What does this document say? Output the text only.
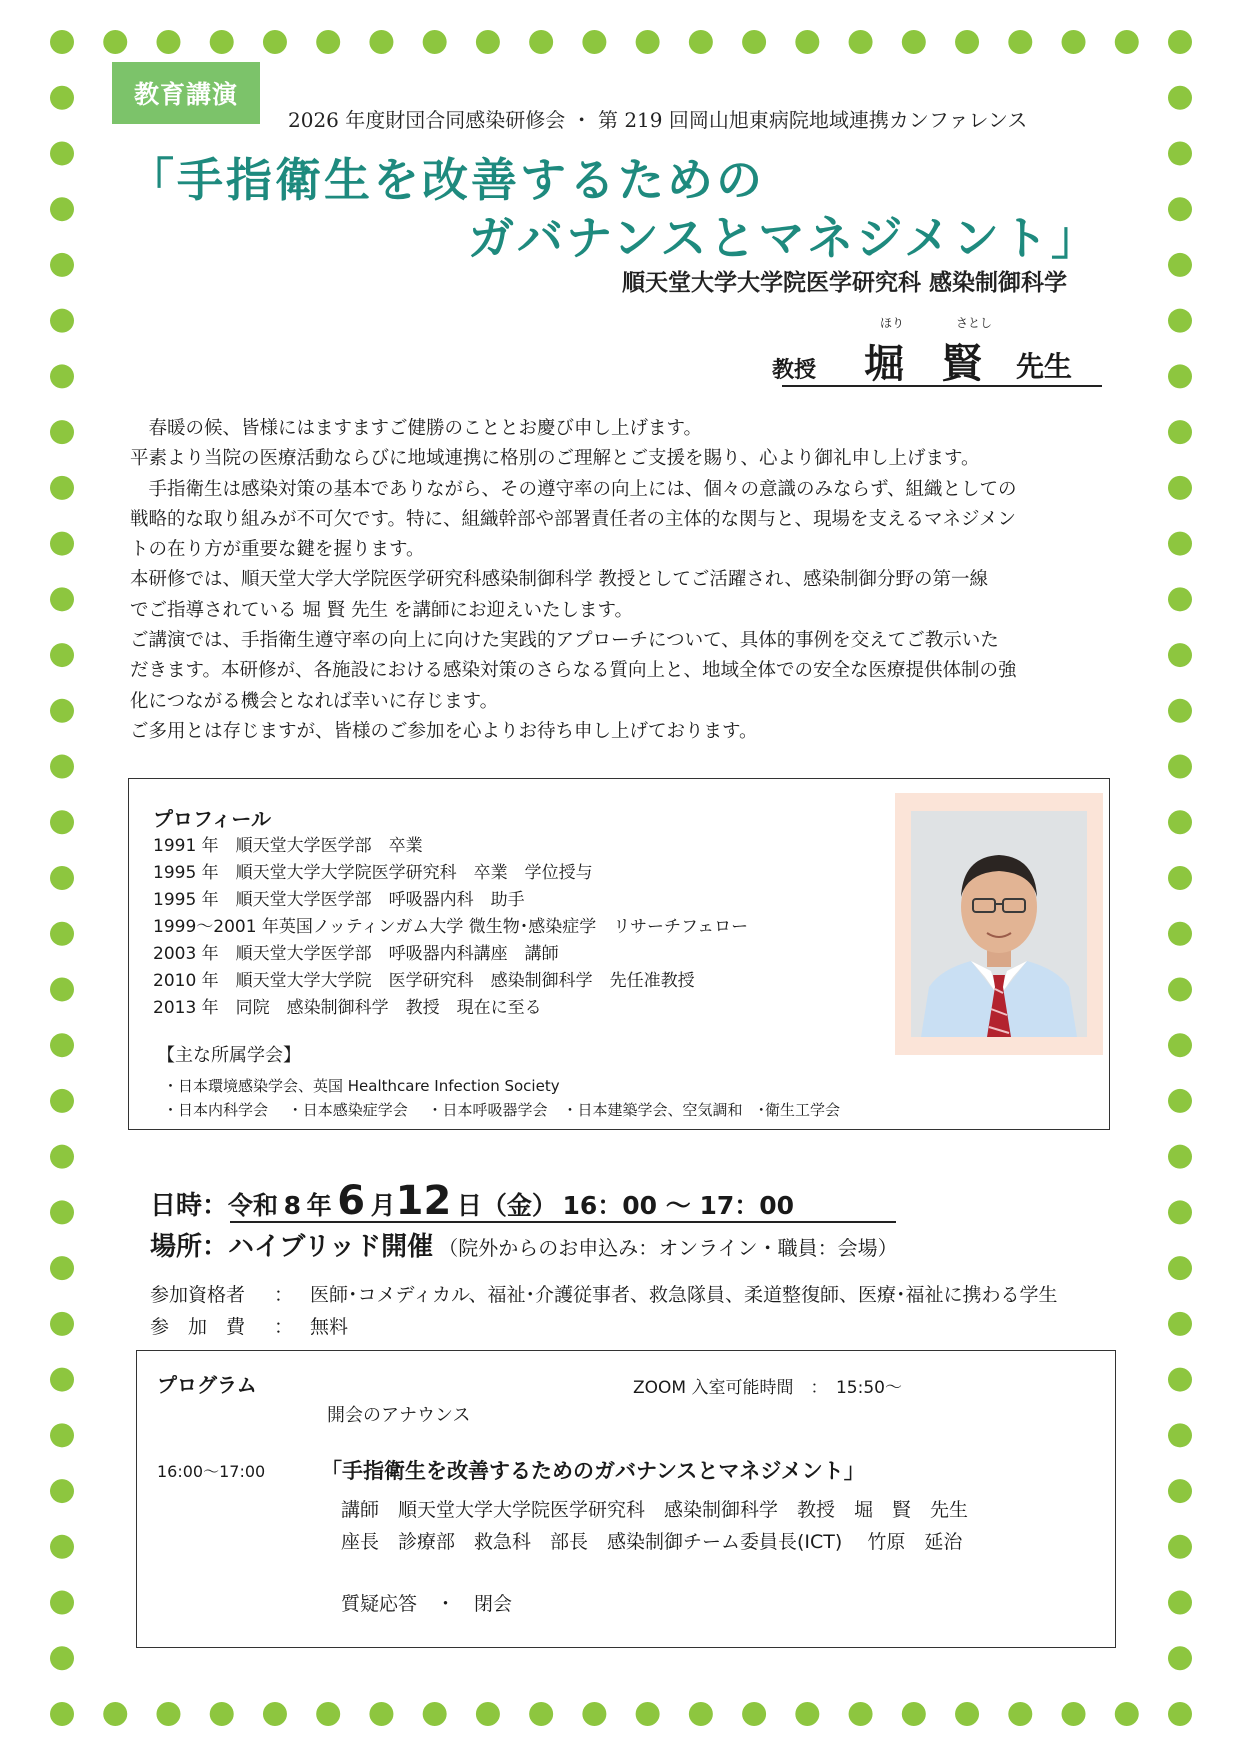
教育講演
2026 年度財団合同感染研修会 ・ 第 219 回岡山旭東病院地域連携カンファレンス
「手指衛生を改善するための
ガバナンスとマネジメント」
順天堂大学大学院医学研究科 感染制御科学
教授
ほり	さとし
堀 賢 先生

　春暖の候、皆様にはますますご健勝のこととお慶び申し上げます。

平素より当院の医療活動ならびに地域連携に格別のご理解とご支援を賜り、心より御礼申し上げます。

　手指衛生は感染対策の基本でありながら、その遵守率の向上には、個々の意識のみならず、組織としての

戦略的な取り組みが不可欠です。特に、組織幹部や部署責任者の主体的な関与と、現場を支えるマネジメン

トの在り方が重要な鍵を握ります。

本研修では、順天堂大学大学院医学研究科感染制御科学 教授としてご活躍され、感染制御分野の第一線

でご指導されている 堀 賢 先生 を講師にお迎えいたします。

ご講演では、手指衛生遵守率の向上に向けた実践的アプローチについて、具体的事例を交えてご教示いた

だきます。本研修が、各施設における感染対策のさらなる質向上と、地域全体での安全な医療提供体制の強

化につながる機会となれば幸いに存じます。

ご多用とは存じますが、皆様のご参加を心よりお待ち申し上げております。

プロフィール
1991 年　順天堂大学医学部　卒業
1995 年　順天堂大学大学院医学研究科　卒業　学位授与
1995 年　順天堂大学医学部　呼吸器内科　助手
1999～2001 年英国ノッティンガム大学 微生物･感染症学　リサーチフェロー
2003 年　順天堂大学医学部　呼吸器内科講座　講師
2010 年　順天堂大学大学院　医学研究科　感染制御科学　先任准教授
2013 年　同院　感染制御科学　教授　現在に至る
【主な所属学会】
・日本環境感染学会、英国 Healthcare Infection Society
・日本内科学会　 ・日本感染症学会　 ・日本呼吸器学会　・日本建築学会、空気調和　･衛生工学会
日時：令和 8 年 6 月12 日（金） 16：00 ～ 17：00
場所：ハイブリッド開催 （院外からのお申込み：オンライン・職員：会場）
参加資格者 ： 医師･コメディカル、福祉･介護従事者、救急隊員、柔道整復師、医療･福祉に携わる学生
参　加　費 ： 無料
プログラム	ZOOM 入室可能時間　：　15:50～
開会のアナウンス
16:00～17:00	「手指衛生を改善するためのガバナンスとマネジメント」
講師　順天堂大学大学院医学研究科　感染制御科学　教授　堀　賢　先生
座長　診療部　救急科　部長　感染制御チーム委員長(ICT)　 竹原　延治
質疑応答　・　閉会
